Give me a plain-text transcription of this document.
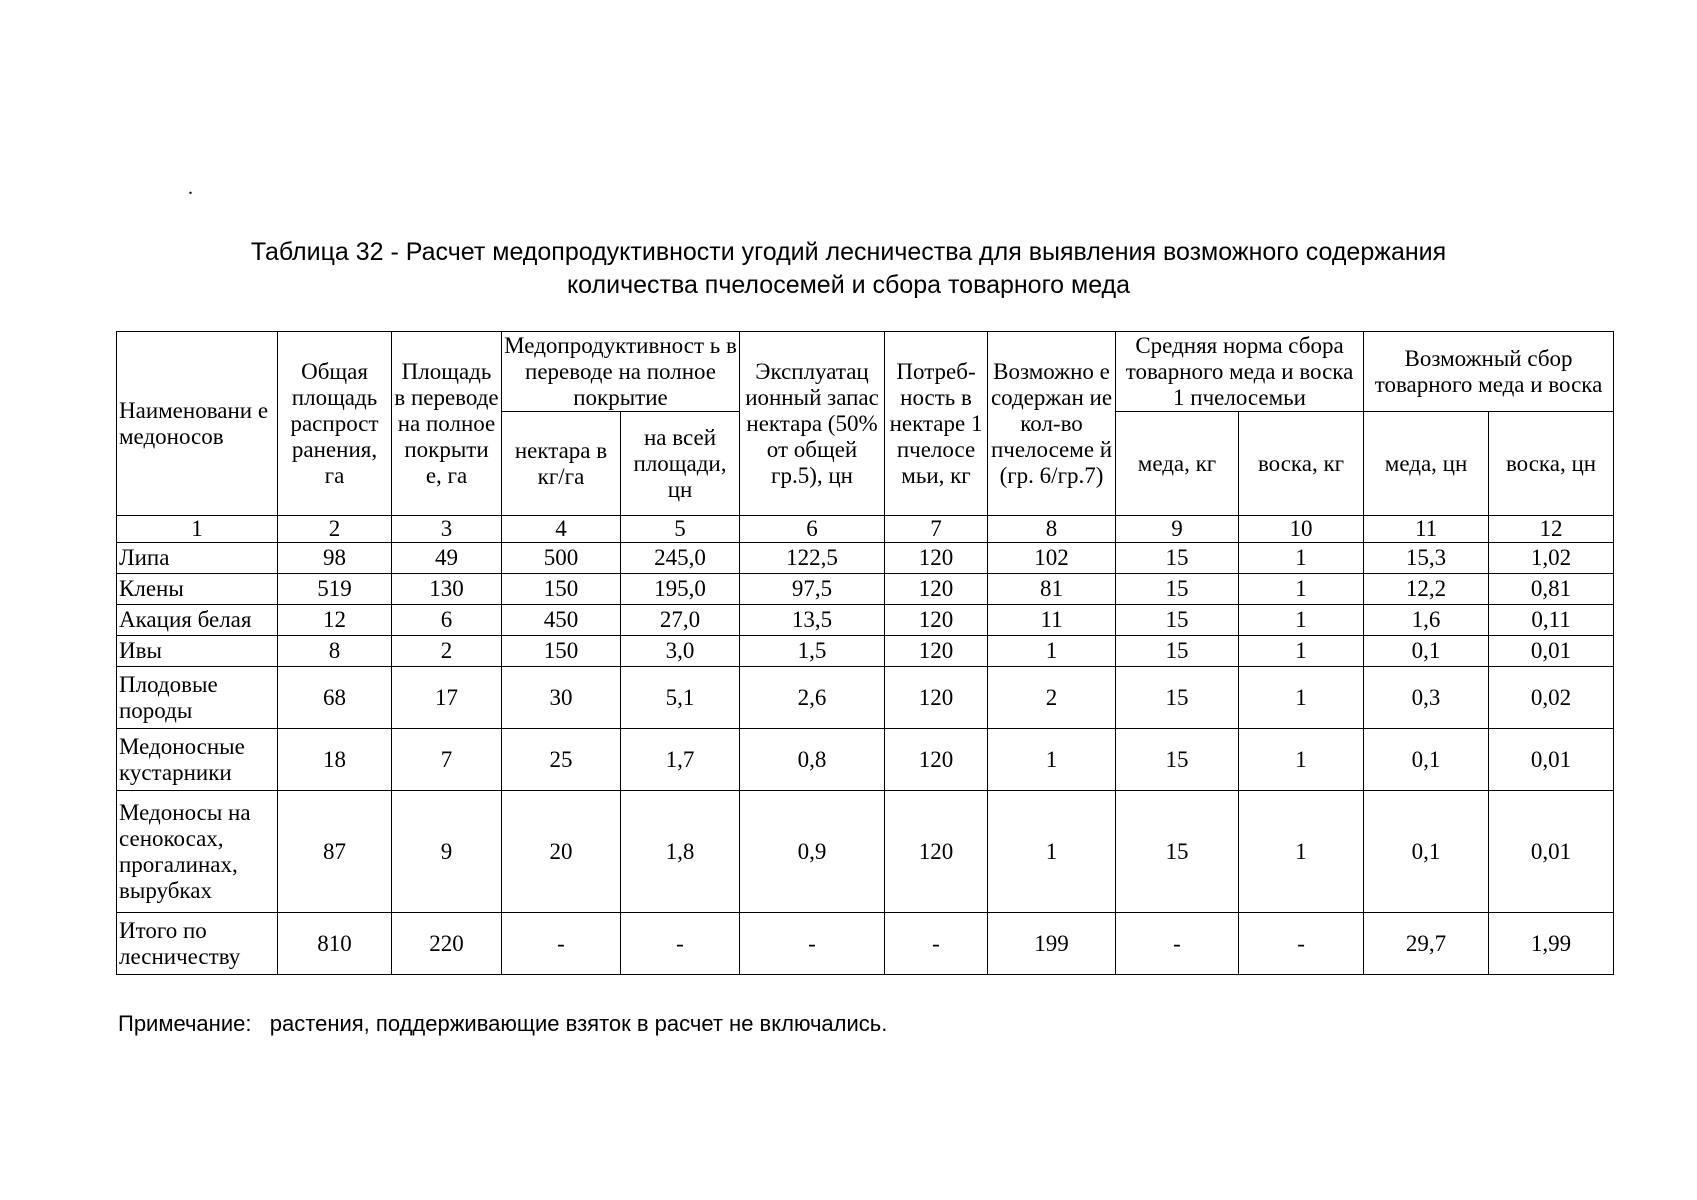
.
Таблица 32 - Расчет медопродуктивности угодий лесничества для выявления возможного содержания
количества пчелосемей и сбора товарного меда
Наименовани е медоносов	Общая площадь распрост ранения, га	Площадь в переводе на полное покрыти е, га	Медопродуктивност ь в переводе на полное покрытие		Эксплуатац ионный запас нектара (50% от общей гр.5), цн	Потреб- ность в нектаре 1 пчелосе мьи, кг	Возможно е содержан ие кол-во пчелосеме й (гр. 6/гр.7)	Средняя норма сбора товарного меда и воска 1 пчелосемьи		Возможный сбор товарного меда и воска	
			нектара в кг/га	на всей площади, цн				меда, кг	воска, кг	меда, цн	воска, цн
1	2	3	4	5	6	7	8	9	10	11	12
Липа	98	49	500	245,0	122,5	120	102	15	1	15,3	1,02
Клены	519	130	150	195,0	97,5	120	81	15	1	12,2	0,81
Акация белая	12	6	450	27,0	13,5	120	11	15	1	1,6	0,11
Ивы	8	2	150	3,0	1,5	120	1	15	1	0,1	0,01
Плодовые породы	68	17	30	5,1	2,6	120	2	15	1	0,3	0,02
Медоносные кустарники	18	7	25	1,7	0,8	120	1	15	1	0,1	0,01
Медоносы на сенокосах, прогалинах, вырубках	87	9	20	1,8	0,9	120	1	15	1	0,1	0,01
Итого по лесничеству	810	220	-	-	-	-	199	-	-	29,7	1,99
Примечание: растения, поддерживающие взяток в расчет не включались.
